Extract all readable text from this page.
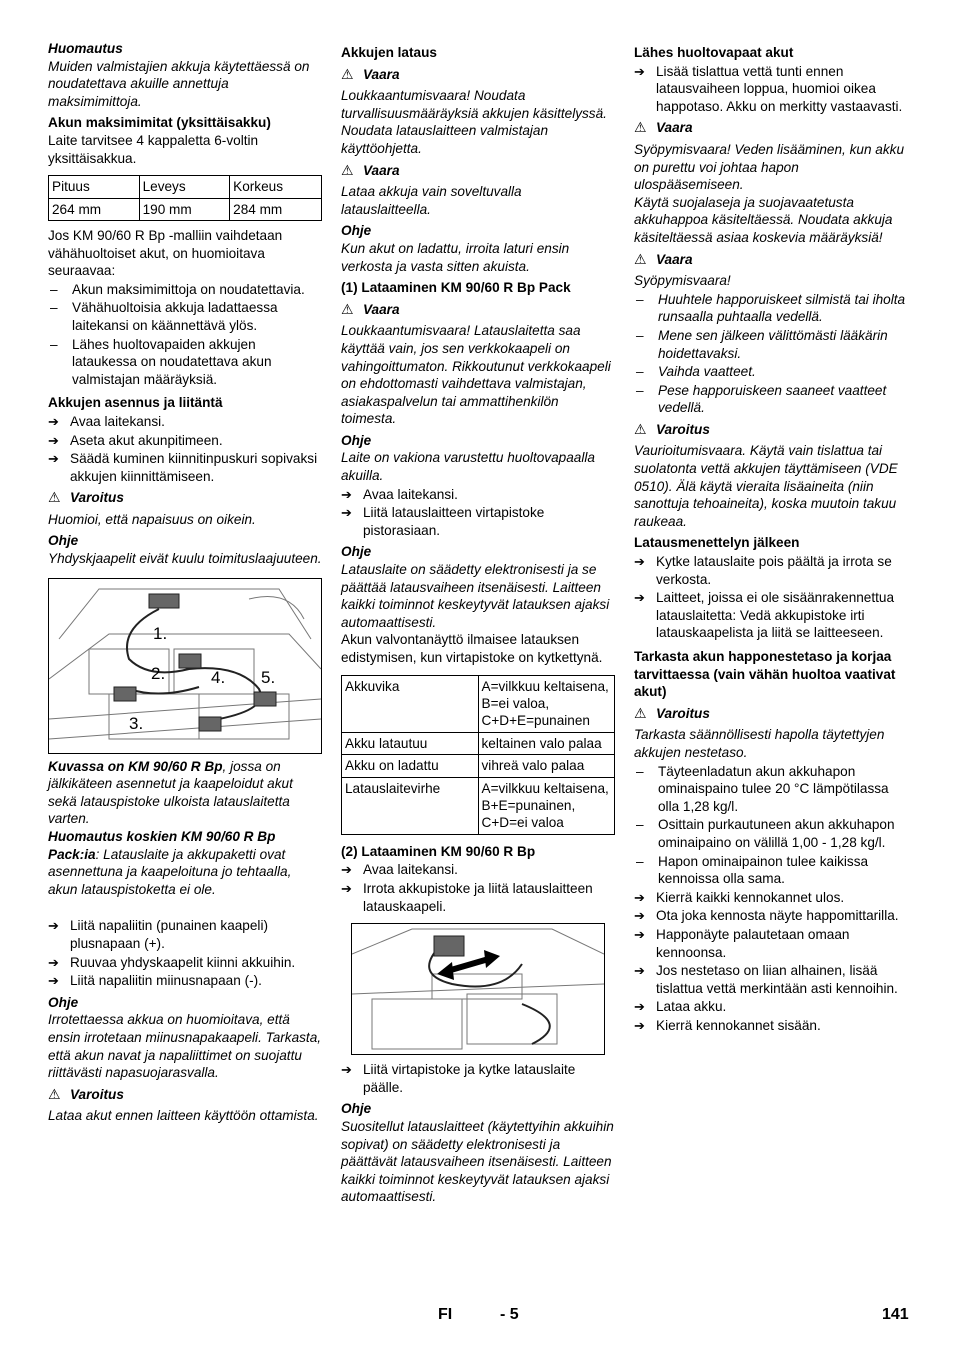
Huomautus

Muiden valmistajien akkuja käytettäessä on noudatettava akuille annettuja maksimimittoja.

Akun maksimimitat (yksittäisakku)

Laite tarvitsee 4 kappaletta 6-voltin yksittäisakkua.

Pituus	Leveys	Korkeus
264 mm	190 mm	284 mm

Jos KM 90/60 R Bp -malliin vaihdetaan vähähuoltoiset akut, on huomioitava seuraavaa:

–	Akun maksimimittoja on noudatettavia.
–	Vähähuoltoisia akkuja ladattaessa laitekansi on käännettävä ylös.
–	Lähes huoltovapaiden akkujen lataukessa on noudatettava akun valmistajan määräyksiä.

Akkujen asennus ja liitäntä

➔ Avaa laitekansi.
➔ Aseta akut akunpitimeen.
➔ Säädä kuminen kiinnitinpuskuri sopivaksi akkujen kiinnittämiseen.

⚠ Varoitus

Huomioi, että napaisuus on oikein.

Ohje

Yhdyskjaapelit eivät kuulu toimituslaajuuteen.

1.
2.
3.
4. 5.

Kuvassa on KM 90/60 R Bp, jossa on jälkikäteen asennetut ja kaapeloidut akut sekä latauspistoke ulkoista latauslaitetta varten.

Huomautus koskien KM 90/60 R Bp Pack:ia: Latauslaite ja akkupaketti ovat asennettuna ja kaapeloituna jo tehtaalla, akun latauspistoketta ei ole.

➔ Liitä napaliitin (punainen kaapeli) plusnapaan (+).
➔ Ruuvaa yhdyskaapelit kiinni akkuihin.
➔ Liitä napaliitin miinusnapaan (-).

Ohje

Irrotettaessa akkua on huomioitava, että ensin irrotetaan miinusnapakaapeli. Tarkasta, että akun navat ja napaliittimet on suojattu riittävästi napasuojarasvalla.

⚠ Varoitus

Lataa akut ennen laitteen käyttöön ottamista.

Akkujen lataus

⚠ Vaara

Loukkaantumisvaara! Noudata turvallisuusmääräyksiä akkujen käsittelyssä. Noudata latauslaitteen valmistajan käyttöohjetta.

⚠ Vaara

Lataa akkuja vain soveltuvalla latauslaitteella.

Ohje

Kun akut on ladattu, irroita laturi ensin verkosta ja vasta sitten akuista.

(1) Lataaminen KM 90/60 R Bp Pack

⚠ Vaara

Loukkaantumisvaara! Latauslaitetta saa käyttää vain, jos sen verkkokaapeli on vahingoittumaton. Rikkoutunut verkkokaapeli on ehdottomasti vaihdettava valmistajan, asiakaspalvelun tai ammattihenkilön toimesta.

Ohje

Laite on vakiona varustettu huoltovapaalla akuilla.

➔ Avaa laitekansi.
➔ Liitä latauslaitteen virtapistoke pistorasiaan.

Ohje

Latauslaite on säädetty elektronisesti ja se päättää latausvaiheen itsenäisesti. Laitteen kaikki toiminnot keskeytyvät latauksen ajaksi automaattisesti.

Akun valvontanäyttö ilmaisee latauksen edistymisen, kun virtapistoke on kytkettynä.

Akkuvika	A=vilkkuu keltaisena, B=ei valoa, C+D+E=punainen
Akku latautuu	keltainen valo palaa
Akku on ladattu	vihreä valo palaa
Latauslaitevirhe	A=vilkkuu keltaisena, B+E=punainen, C+D=ei valoa

(2) Lataaminen KM 90/60 R Bp

➔ Avaa laitekansi.
➔ Irrota akkupistoke ja liitä latauslaitteen latauskaapeli.
➔ Liitä virtapistoke ja kytke latauslaite päälle.

Ohje

Suositellut latauslaitteet (käytettyihin akkuihin sopivat) on säädetty elektronisesti ja päättävät latausvaiheen itsenäisesti. Laitteen kaikki toiminnot keskeytyvät latauksen ajaksi automaattisesti.

Lähes huoltovapaat akut

➔ Lisää tislattua vettä tunti ennen latausvaiheen loppua, huomioi oikea happotaso. Akku on merkitty vastaavasti.

⚠ Vaara

Syöpymisvaara! Veden lisääminen, kun akku on purettu voi johtaa hapon ulospääsemiseen.

Käytä suojalaseja ja suojavaatetusta akkuhappoa käsiteltäessä. Noudata akkuja käsiteltäessä asiaa koskevia määräyksiä!

⚠ Vaara

Syöpymisvaara!

–	Huuhtele happoruiskeet silmistä tai iholta runsaalla puhtaalla vedellä.
–	Mene sen jälkeen välittömästi lääkärin hoidettavaksi.
–	Vaihda vaatteet.
–	Pese happoruiskeen saaneet vaatteet vedellä.

⚠ Varoitus

Vaurioitumisvaara. Käytä vain tislattua tai suolatonta vettä akkujen täyttämiseen (VDE 0510). Älä käytä vieraita lisäaineita (niin sanottuja tehoaineita), koska muutoin takuu raukeaa.

Latausmenettelyn jälkeen

➔ Kytke latauslaite pois päältä ja irrota se verkosta.
➔ Laitteet, joissa ei ole sisäänrakennettua latauslaitetta: Vedä akkupistoke irti latauskaapelista ja liitä se laitteeseen.

Tarkasta akun happonestetaso ja korjaa tarvittaessa (vain vähän huoltoa vaativat akut)

⚠ Varoitus

Tarkasta säännöllisesti hapolla täytettyjen akkujen nestetaso.

–	Täyteenladatun akun akkuhapon ominaispaino tulee 20 °C lämpötilassa olla 1,28 kg/l.
–	Osittain purkautuneen akun akkuhapon ominaipaino on välillä 1,00 - 1,28 kg/l.
–	Hapon ominaipainon tulee kaikissa kennoissa olla sama.
➔ Kierrä kaikki kennokannet ulos.
➔ Ota joka kennosta näyte happomittarilla.
➔ Happonäyte palautetaan omaan kennoonsa.
➔ Jos nestetaso on liian alhainen, lisää tislattua vettä merkintään asti kennoihin.
➔ Lataa akku.
➔ Kierrä kennokannet sisään.
FI	- 5	141
